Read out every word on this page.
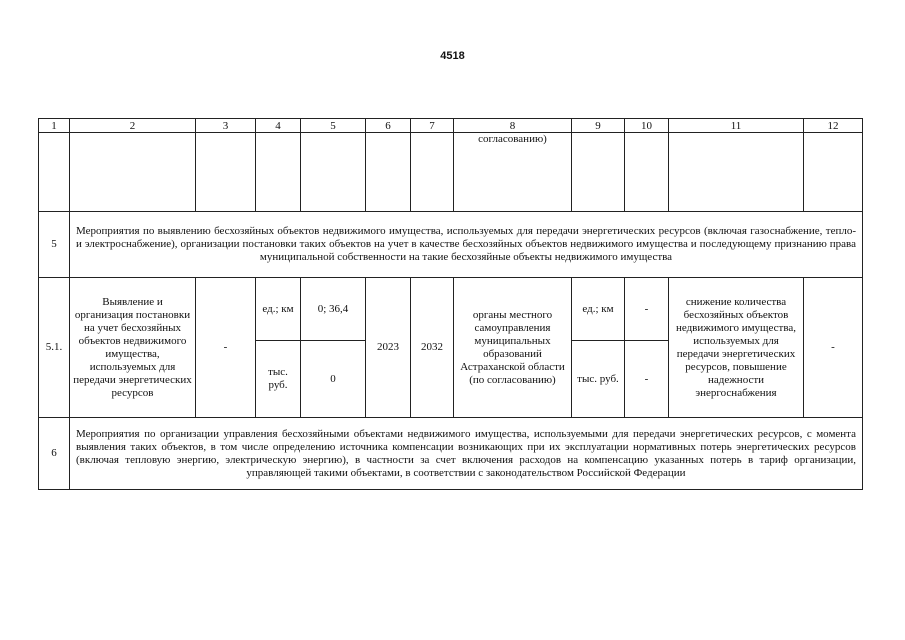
4518
1	2	3	4	5	6	7	8	9	10	11	12
							согласованию)				
5	Мероприятия по выявлению бесхозяйных объектов недвижимого имущества, используемых для передачи энергетических ресурсов (включая газоснабжение, тепло- и электроснабжение), организации постановки таких объектов на учет в качестве бесхозяйных объектов недвижимого имущества и последующему признанию права муниципальной собственности на такие бесхозяйные объекты недвижимого имущества										
5.1.	Выявление и организация постановки на учет бесхозяйных объектов недвижимого имущества, используемых для передачи энергетических ресурсов	-	ед.; км	0; 36,4	2023	2032	органы местного самоуправления муниципальных образований Астраханской области (по согласованию)	ед.; км	-	снижение количества бесхозяйных объектов недвижимого имущества, используемых для передачи энергетических ресурсов, повышение надежности энергоснабжения	-
			тыс. руб.	0				тыс. руб.	-		
6	Мероприятия по организации управления бесхозяйными объектами недвижимого имущества, используемыми для передачи энергетических ресурсов, с момента выявления таких объектов, в том числе определению источника компенсации возникающих при их эксплуатации нормативных потерь энергетических ресурсов (включая тепловую энергию, электрическую энергию), в частности за счет включения расходов на компенсацию указанных потерь в тариф организации, управляющей такими объектами, в соответствии с законодательством Российской Федерации										
